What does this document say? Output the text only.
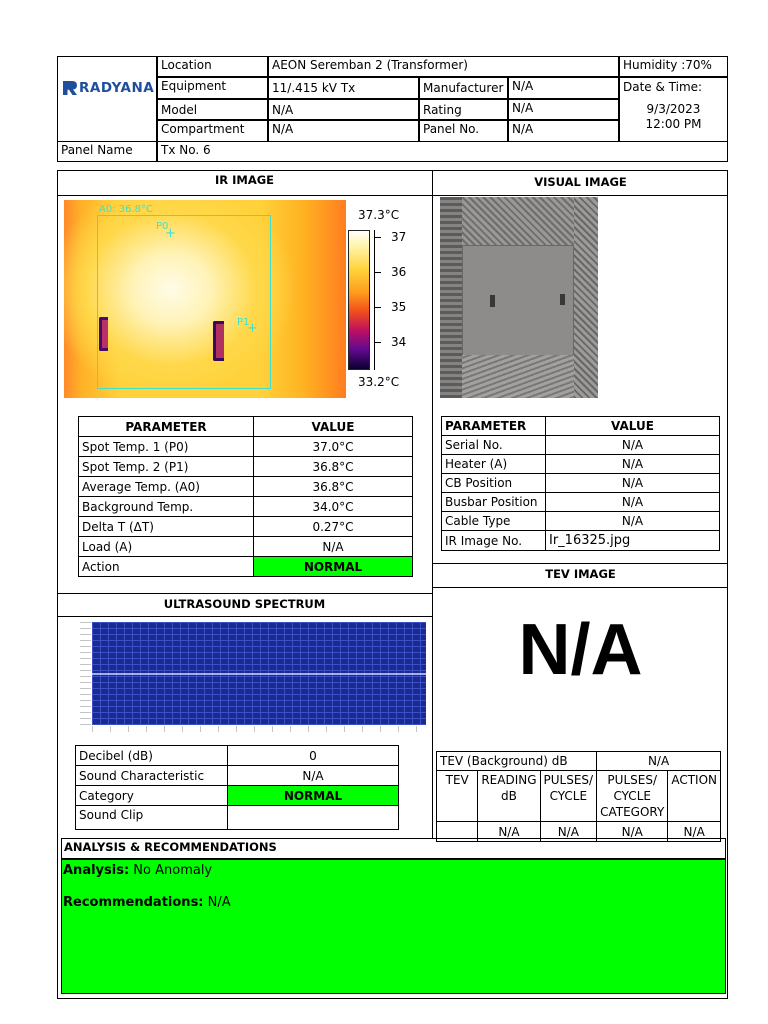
RADYANA
Location	AEON Seremban 2 (Transformer)	Humidity :70%
Equipment	11/.415 kV Tx	Manufacturer N/A	Date & Time:
9/3/2023
12:00 PM
Model	N/A	Rating	N/A
Compartment	N/A	Panel No.	N/A
Panel Name	Tx No. 6
IR IMAGE	VISUAL IMAGE
A0: 36.8°C
P0
+
P1
+
37.3°C
37
36
35
34
33.2°C
PARAMETER	VALUE
Spot Temp. 1 (P0)	37.0°C
Spot Temp. 2 (P1)	36.8°C
Average Temp. (A0)	36.8°C
Background Temp.	34.0°C
Delta T (ΔT)	0.27°C
Load (A)	N/A
Action	NORMAL
PARAMETER	VALUE
Serial No.	N/A
Heater (A)	N/A
CB Position	N/A
Busbar Position	N/A
Cable Type	N/A
IR Image No.	Ir_16325.jpg
TEV IMAGE
ULTRASOUND SPECTRUM
Decibel (dB)	0
Sound Characteristic	N/A
Category	NORMAL
Sound Clip	
N/A
TEV (Background) dB			N/A	
TEV	READING dB	PULSES/ CYCLE	PULSES/ CYCLE CATEGORY	ACTION
	N/A	N/A	N/A	N/A
ANALYSIS & RECOMMENDATIONS
Analysis: No Anomaly
Recommendations: N/A
